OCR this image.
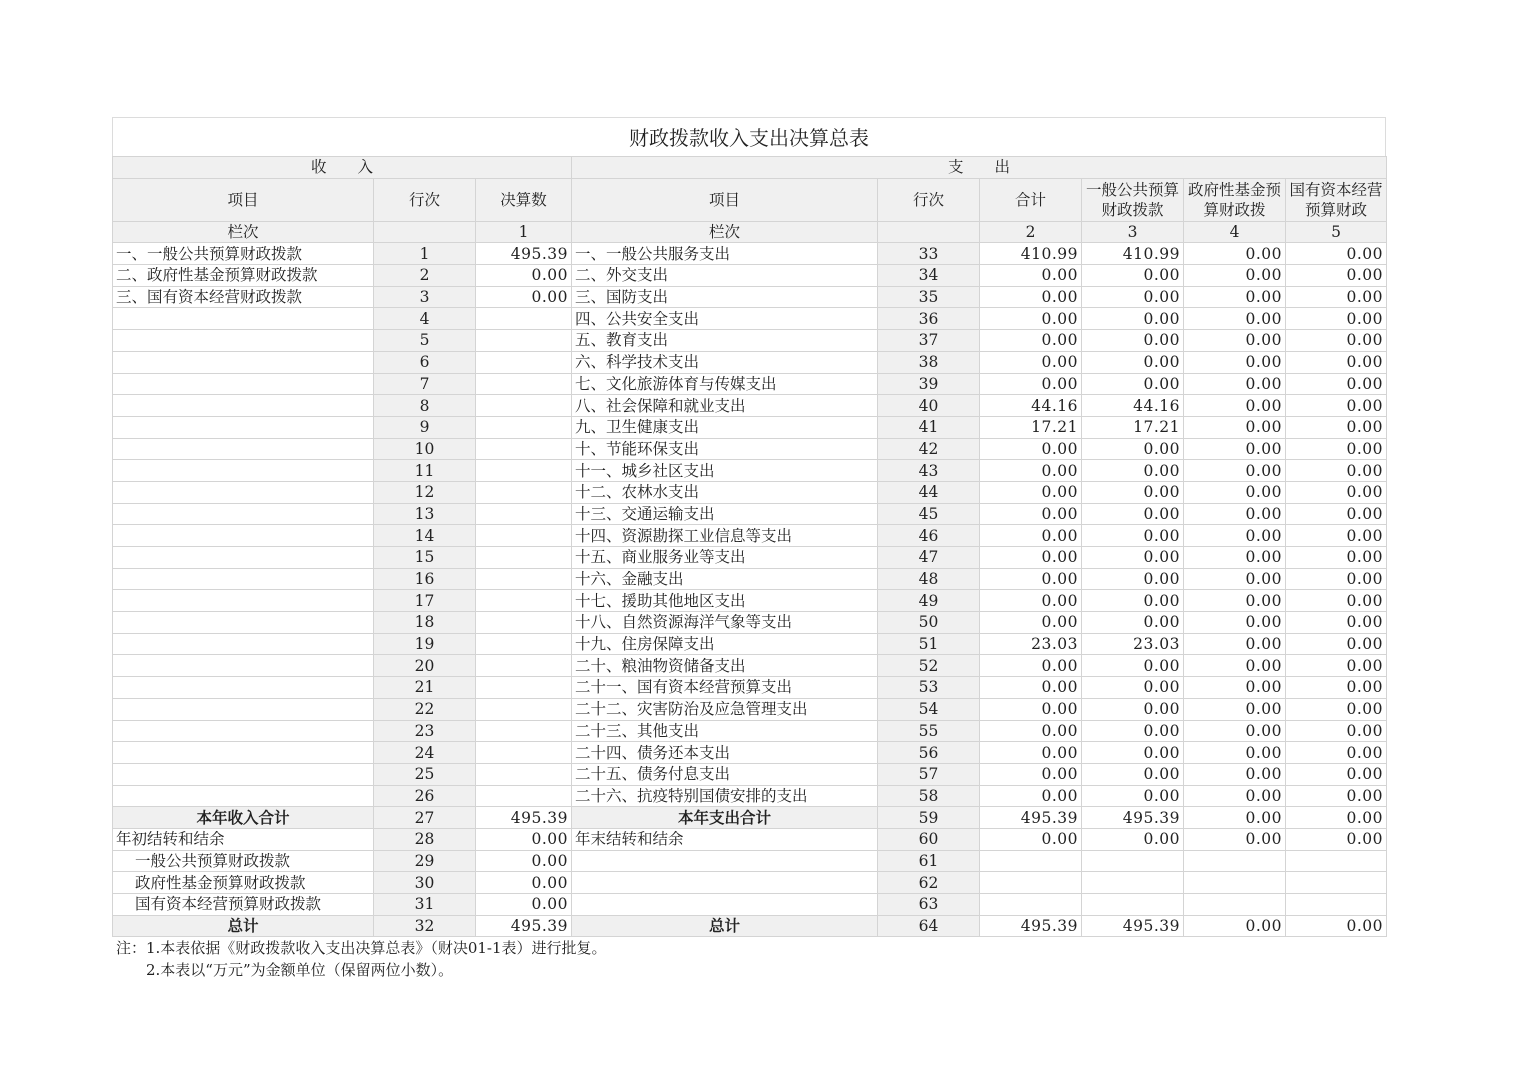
财政拨款收入支出决算总表
收　　入			支　　出					
项目	行次	决算数	项目	行次	合计	一般公共预算财政拨款	政府性基金预算财政拨	国有资本经营预算财政
栏次		1	栏次		2	3	4	5
一、一般公共预算财政拨款	1	495.39	一、一般公共服务支出	33	410.99	410.99	0.00	0.00
二、政府性基金预算财政拨款	2	0.00	二、外交支出	34	0.00	0.00	0.00	0.00
三、国有资本经营财政拨款	3	0.00	三、国防支出	35	0.00	0.00	0.00	0.00
	4		四、公共安全支出	36	0.00	0.00	0.00	0.00
	5		五、教育支出	37	0.00	0.00	0.00	0.00
	6		六、科学技术支出	38	0.00	0.00	0.00	0.00
	7		七、文化旅游体育与传媒支出	39	0.00	0.00	0.00	0.00
	8		八、社会保障和就业支出	40	44.16	44.16	0.00	0.00
	9		九、卫生健康支出	41	17.21	17.21	0.00	0.00
	10		十、节能环保支出	42	0.00	0.00	0.00	0.00
	11		十一、城乡社区支出	43	0.00	0.00	0.00	0.00
	12		十二、农林水支出	44	0.00	0.00	0.00	0.00
	13		十三、交通运输支出	45	0.00	0.00	0.00	0.00
	14		十四、资源勘探工业信息等支出	46	0.00	0.00	0.00	0.00
	15		十五、商业服务业等支出	47	0.00	0.00	0.00	0.00
	16		十六、金融支出	48	0.00	0.00	0.00	0.00
	17		十七、援助其他地区支出	49	0.00	0.00	0.00	0.00
	18		十八、自然资源海洋气象等支出	50	0.00	0.00	0.00	0.00
	19		十九、住房保障支出	51	23.03	23.03	0.00	0.00
	20		二十、粮油物资储备支出	52	0.00	0.00	0.00	0.00
	21		二十一、国有资本经营预算支出	53	0.00	0.00	0.00	0.00
	22		二十二、灾害防治及应急管理支出	54	0.00	0.00	0.00	0.00
	23		二十三、其他支出	55	0.00	0.00	0.00	0.00
	24		二十四、债务还本支出	56	0.00	0.00	0.00	0.00
	25		二十五、债务付息支出	57	0.00	0.00	0.00	0.00
	26		二十六、抗疫特别国债安排的支出	58	0.00	0.00	0.00	0.00
本年收入合计	27	495.39	本年支出合计	59	495.39	495.39	0.00	0.00
年初结转和结余	28	0.00	年末结转和结余	60	0.00	0.00	0.00	0.00
一般公共预算财政拨款	29	0.00		61				
政府性基金预算财政拨款	30	0.00		62				
国有资本经营预算财政拨款	31	0.00		63				
总计	32	495.39	总计	64	495.39	495.39	0.00	0.00
注：1.本表依据《财政拨款收入支出决算总表》（财决01-1表）进行批复。
　　2.本表以“万元”为金额单位（保留两位小数）。
